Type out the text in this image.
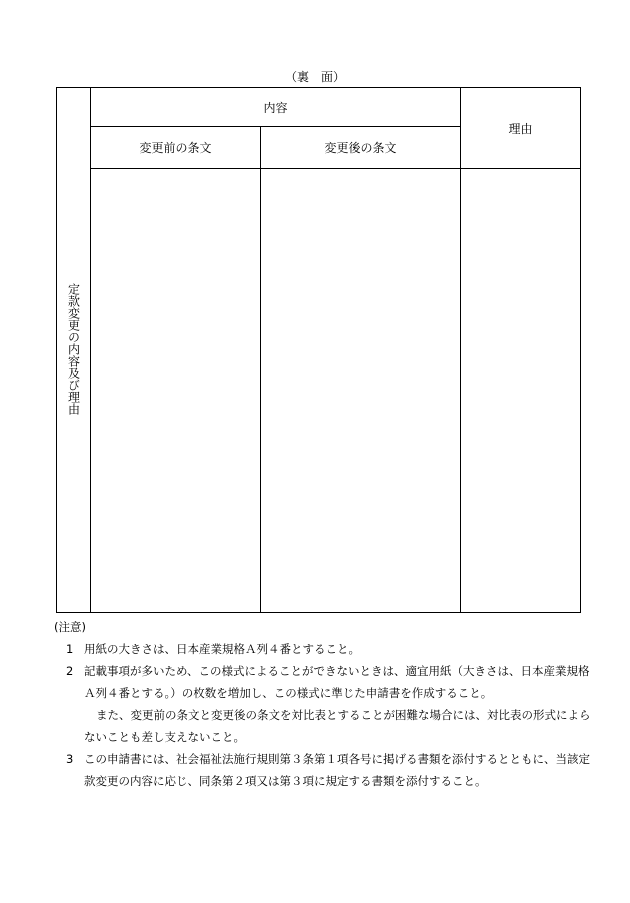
（裏　面）
定款変更の内容及び理由	内容		理由
	変更前の条文	変更後の条文	

(注意)
1 用紙の大きさは、日本産業規格Ａ列４番とすること。
2 記載事項が多いため、この様式によることができないときは、適宜用紙（大きさは、日本産業規格Ａ列４番とする。）の枚数を増加し、この様式に準じた申請書を作成すること。
また、変更前の条文と変更後の条文を対比表とすることが困難な場合には、対比表の形式によらないことも差し支えないこと。
3 この申請書には、社会福祉法施行規則第３条第１項各号に掲げる書類を添付するとともに、当該定款変更の内容に応じ、同条第２項又は第３項に規定する書類を添付すること。
